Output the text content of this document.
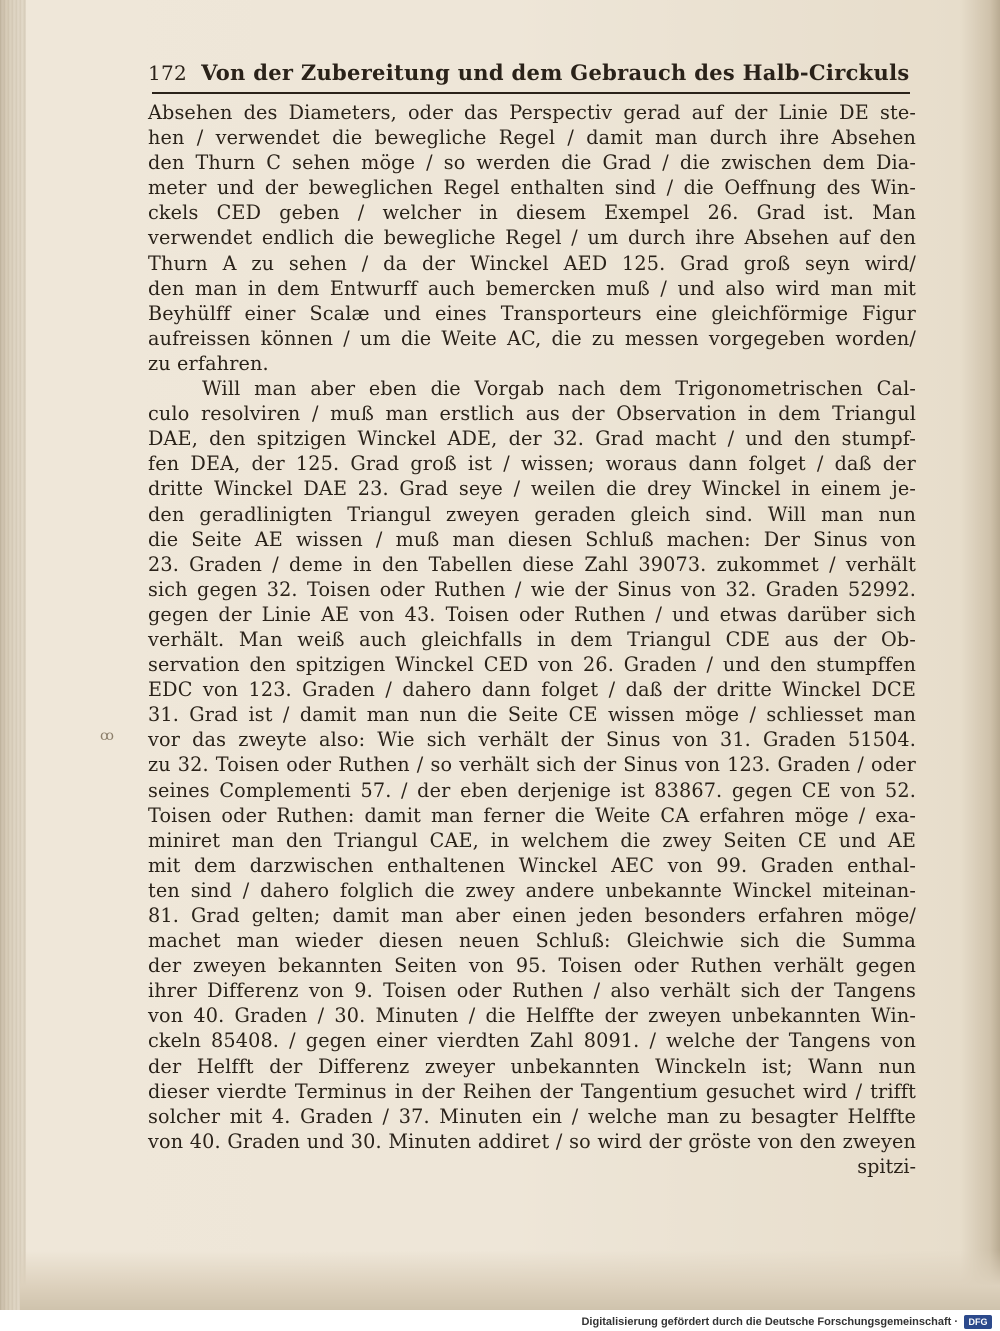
ꝏ
172 Von der Zubereitung und dem Gebrauch des Halb-Circkuls
Absehen des Diameters, oder das Perspectiv gerad auf der Linie DE ste-
hen / verwendet die bewegliche Regel / damit man durch ihre Absehen
den Thurn C sehen möge / so werden die Grad / die zwischen dem Dia-
meter und der beweglichen Regel enthalten sind / die Oeffnung des Win-
ckels CED geben / welcher in diesem Exempel 26. Grad ist. Man
verwendet endlich die bewegliche Regel / um durch ihre Absehen auf den
Thurn A zu sehen / da der Winckel AED 125. Grad groß seyn wird/
den man in dem Entwurff auch bemercken muß / und also wird man mit
Beyhülff einer Scalæ und eines Transporteurs eine gleichförmige Figur
aufreissen können / um die Weite AC, die zu messen vorgegeben worden/
zu erfahren.
Will man aber eben die Vorgab nach dem Trigonometrischen Cal-
culo resolviren / muß man erstlich aus der Observation in dem Triangul
DAE, den spitzigen Winckel ADE, der 32. Grad macht / und den stumpf-
fen DEA, der 125. Grad groß ist / wissen; woraus dann folget / daß der
dritte Winckel DAE 23. Grad seye / weilen die drey Winckel in einem je-
den geradlinigten Triangul zweyen geraden gleich sind. Will man nun
die Seite AE wissen / muß man diesen Schluß machen: Der Sinus von
23. Graden / deme in den Tabellen diese Zahl 39073. zukommet / verhält
sich gegen 32. Toisen oder Ruthen / wie der Sinus von 32. Graden 52992.
gegen der Linie AE von 43. Toisen oder Ruthen / und etwas darüber sich
verhält. Man weiß auch gleichfalls in dem Triangul CDE aus der Ob-
servation den spitzigen Winckel CED von 26. Graden / und den stumpffen
EDC von 123. Graden / dahero dann folget / daß der dritte Winckel DCE
31. Grad ist / damit man nun die Seite CE wissen möge / schliesset man
vor das zweyte also: Wie sich verhält der Sinus von 31. Graden 51504.
zu 32. Toisen oder Ruthen / so verhält sich der Sinus von 123. Graden / oder
seines Complementi 57. / der eben derjenige ist 83867. gegen CE von 52.
Toisen oder Ruthen: damit man ferner die Weite CA erfahren möge / exa-
miniret man den Triangul CAE, in welchem die zwey Seiten CE und AE
mit dem darzwischen enthaltenen Winckel AEC von 99. Graden enthal-
ten sind / dahero folglich die zwey andere unbekannte Winckel miteinan-
81. Grad gelten; damit man aber einen jeden besonders erfahren möge/
machet man wieder diesen neuen Schluß: Gleichwie sich die Summa
der zweyen bekannten Seiten von 95. Toisen oder Ruthen verhält gegen
ihrer Differenz von 9. Toisen oder Ruthen / also verhält sich der Tangens
von 40. Graden / 30. Minuten / die Helffte der zweyen unbekannten Win-
ckeln 85408. / gegen einer vierdten Zahl 8091. / welche der Tangens von
der Helfft der Differenz zweyer unbekannten Winckeln ist; Wann nun
dieser vierdte Terminus in der Reihen der Tangentium gesuchet wird / trifft
solcher mit 4. Graden / 37. Minuten ein / welche man zu besagter Helffte
von 40. Graden und 30. Minuten addiret / so wird der gröste von den zweyen
spitzi-
Digitalisierung gefördert durch die Deutsche Forschungsgemeinschaft ·	DFG
